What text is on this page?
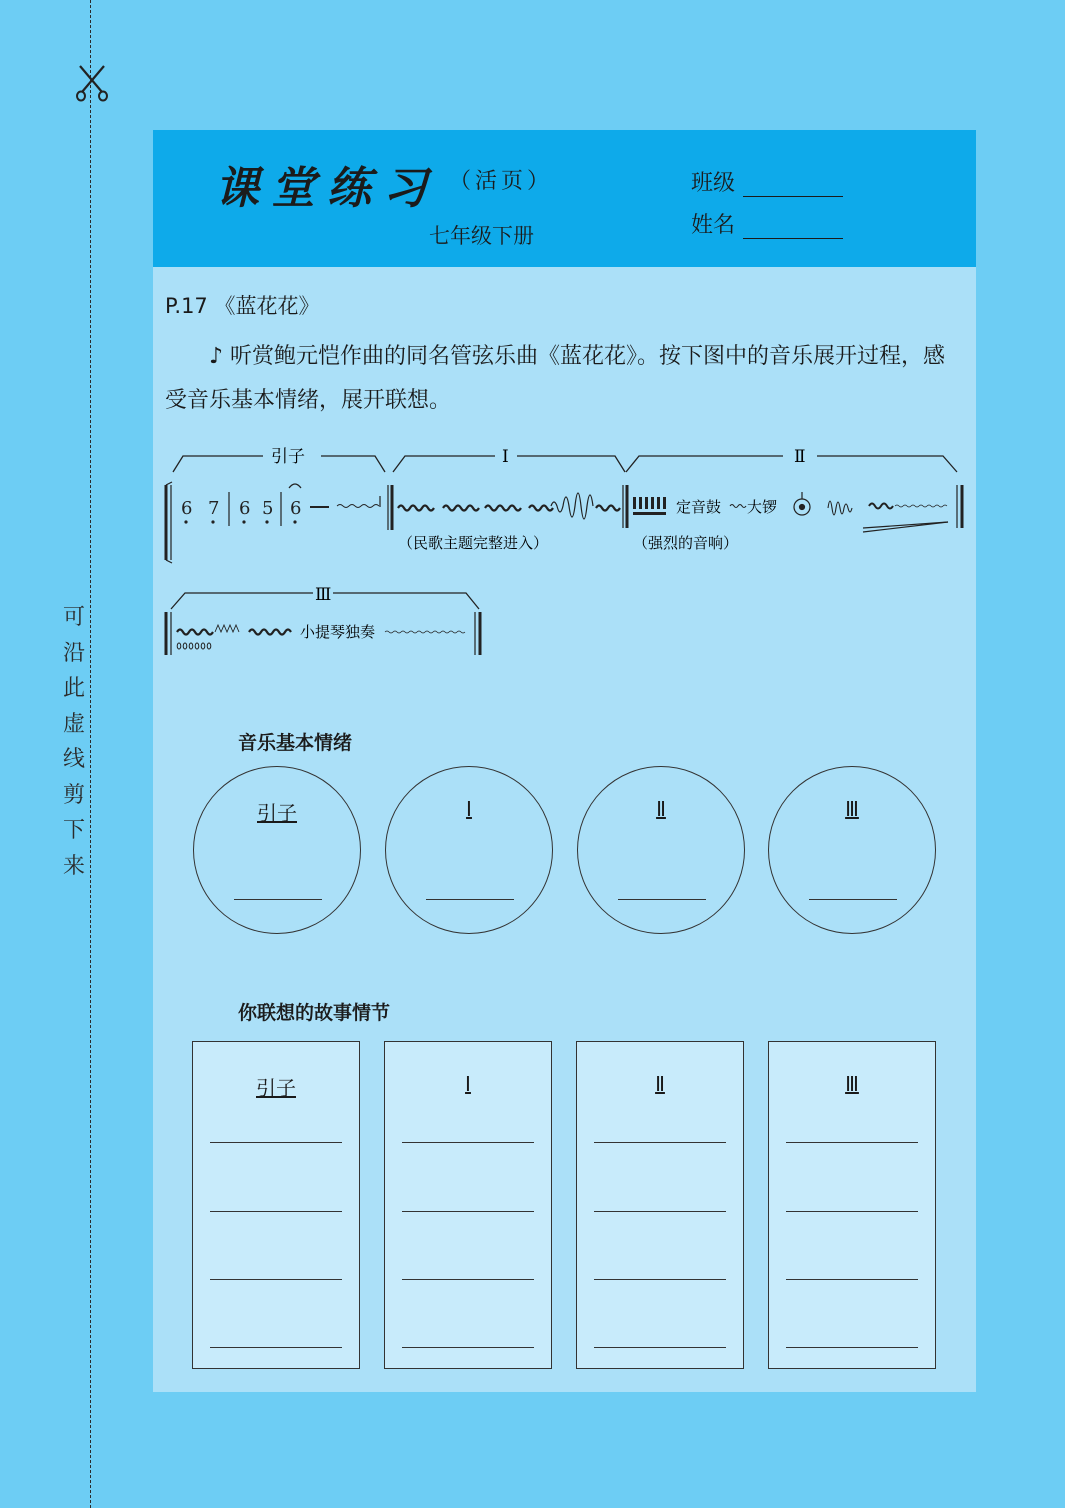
可
沿
此
虚
线
剪
下
来
课堂练习 （活页）
七年级下册
班级
姓名
P.17 《蓝花花》
♪ 听赏鲍元恺作曲的同名管弦乐曲《蓝花花》。按下图中的音乐展开过程，感受音乐基本情绪，展开联想。
引子	Ⅰ	Ⅱ
6 7 6 5 6
（民歌主题完整进入）
定音鼓 大锣
（强烈的音响）
Ⅲ
小提琴独奏
音乐基本情绪
引子	Ⅰ	Ⅱ	Ⅲ
你联想的故事情节
引子	Ⅰ	Ⅱ	Ⅲ
